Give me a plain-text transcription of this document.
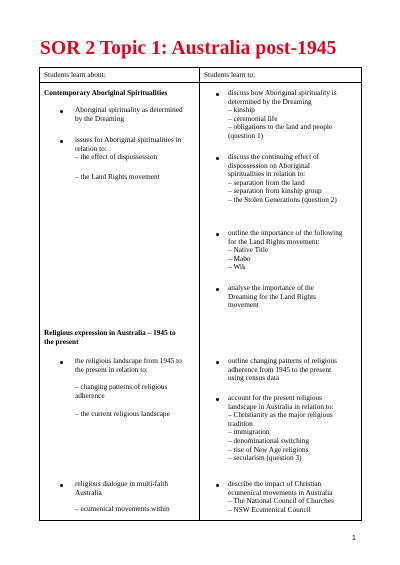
SOR 2 Topic 1: Australia post-1945
Students learn about:	Students learn to:
Contemporary Aboriginal Spiritualities
Aboriginal spirituality as determined
by the Dreaming
issues for Aboriginal spiritualities in
relation to:
– the effect of dispossession
– the Land Rights movement
Religious expression in Australia – 1945 to
the present
the religious landscape from 1945 to
the present in relation to:
– changing patterns of religious
adherence
– the current religious landscape
religious dialogue in multi-faith
Australia
– ecumenical movements within
discuss how Aboriginal spirituality is
determined by the Dreaming
– kinship
– ceremonial life
– obligations to the land and people
(question 1)
discuss the continuing effect of
dispossession on Aboriginal
spiritualities in relation to:
– separation from the land
– separation from kinship group
– the Stolen Generations (question 2)
outline the importance of the following
for the Land Rights movement:
– Native Title
– Mabo
– Wik
analyse the importance of the
Dreaming for the Land Rights
movement
outline changing patterns of religious
adherence from 1945 to the present
using census data
account for the present religious
landscape in Australia in relation to:
– Christianity as the major religious
tradition
– immigration
– denominational switching
– rise of New Age religions
– secularism (question 3)
describe the impact of Christian
ecumenical movements in Australia
– The National Council of Churches
– NSW Ecumenical Council
1
